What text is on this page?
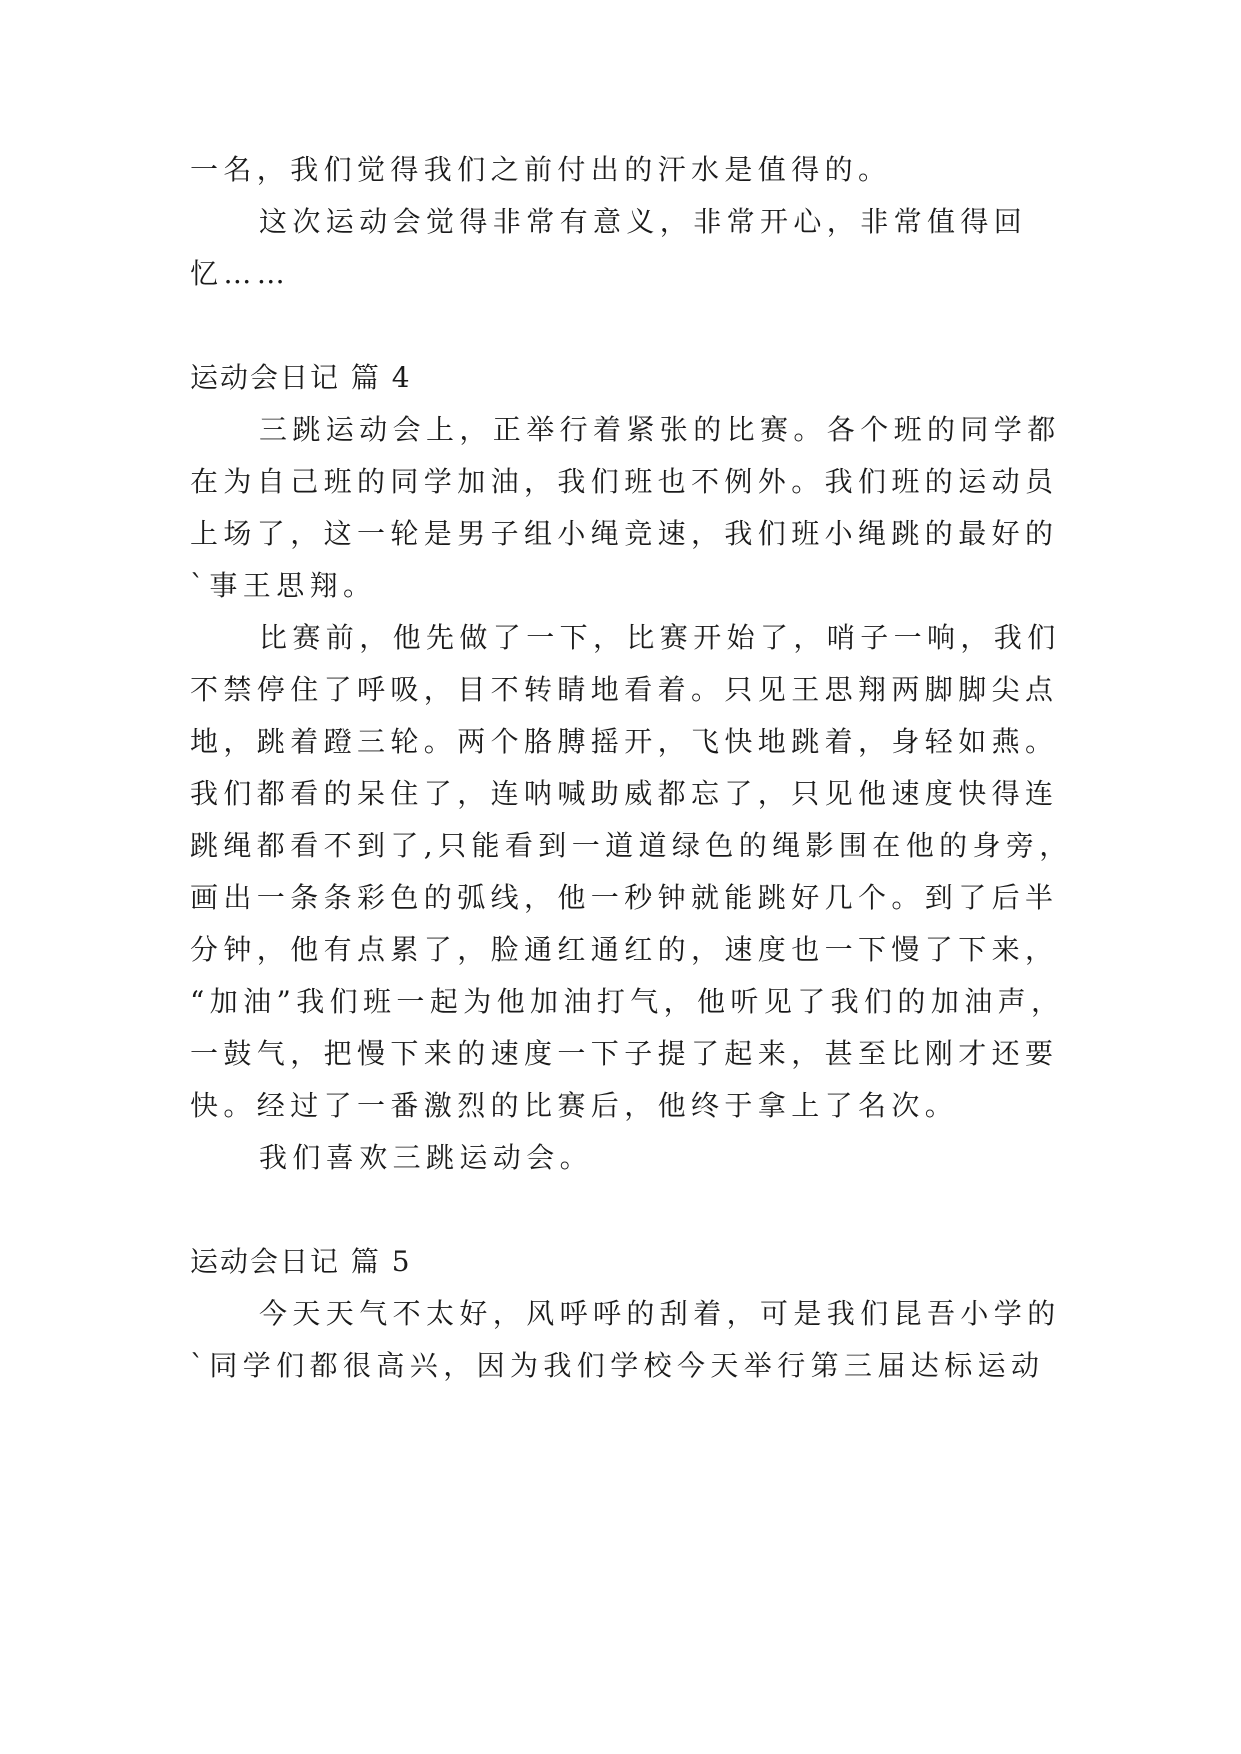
一名，我们觉得我们之前付出的汗水是值得的。
这次运动会觉得非常有意义，非常开心，非常值得回
忆……
运动会日记 篇 4
三跳运动会上，正举行着紧张的比赛。各个班的同学都
在为自己班的同学加油，我们班也不例外。我们班的运动员
上场了，这一轮是男子组小绳竞速，我们班小绳跳的最好的
`事王思翔。
比赛前，他先做了一下，比赛开始了，哨子一响，我们
不禁停住了呼吸，目不转睛地看着。只见王思翔两脚脚尖点
地，跳着蹬三轮。两个胳膊摇开，飞快地跳着，身轻如燕。
我们都看的呆住了，连呐喊助威都忘了，只见他速度快得连
跳绳都看不到了,只能看到一道道绿色的绳影围在他的身旁，
画出一条条彩色的弧线，他一秒钟就能跳好几个。到了后半
分钟，他有点累了，脸通红通红的，速度也一下慢了下来，
“加油”我们班一起为他加油打气，他听见了我们的加油声，
一鼓气，把慢下来的速度一下子提了起来，甚至比刚才还要
快。经过了一番激烈的比赛后，他终于拿上了名次。
我们喜欢三跳运动会。
运动会日记 篇 5
今天天气不太好，风呼呼的刮着，可是我们昆吾小学的
`同学们都很高兴，因为我们学校今天举行第三届达标运动
